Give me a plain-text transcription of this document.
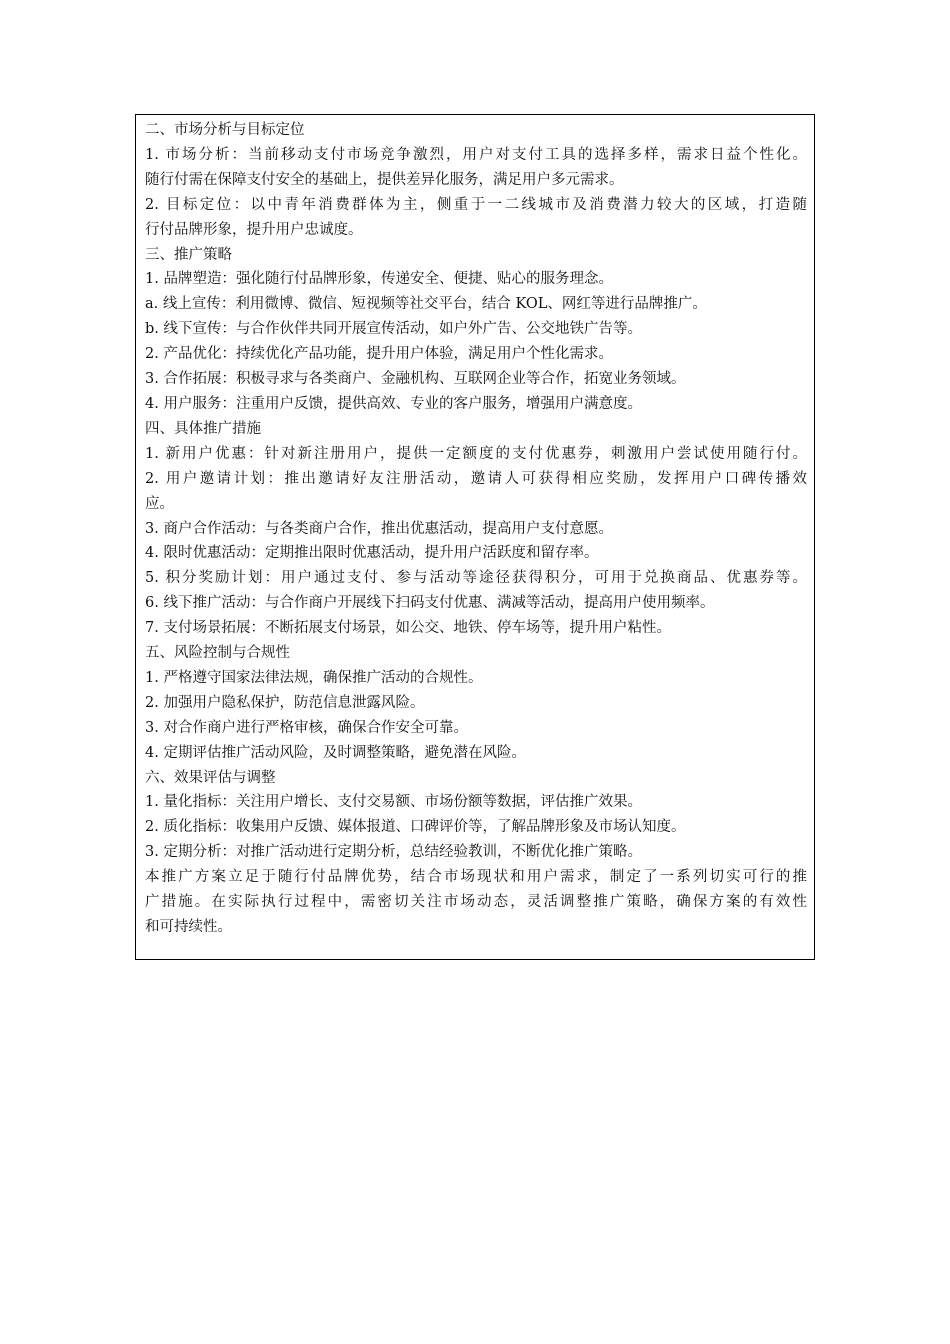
二、市场分析与目标定位

1. 市场分析：当前移动支付市场竞争激烈，用户对支付工具的选择多样，需求日益个性化。

随行付需在保障支付安全的基础上，提供差异化服务，满足用户多元需求。

2. 目标定位：以中青年消费群体为主，侧重于一二线城市及消费潜力较大的区域，打造随

行付品牌形象，提升用户忠诚度。

三、推广策略

1. 品牌塑造：强化随行付品牌形象，传递安全、便捷、贴心的服务理念。

a. 线上宣传：利用微博、微信、短视频等社交平台，结合 KOL、网红等进行品牌推广。

b. 线下宣传：与合作伙伴共同开展宣传活动，如户外广告、公交地铁广告等。

2. 产品优化：持续优化产品功能，提升用户体验，满足用户个性化需求。

3. 合作拓展：积极寻求与各类商户、金融机构、互联网企业等合作，拓宽业务领域。

4. 用户服务：注重用户反馈，提供高效、专业的客户服务，增强用户满意度。

四、具体推广措施

1. 新用户优惠：针对新注册用户，提供一定额度的支付优惠券，刺激用户尝试使用随行付。

2. 用户邀请计划：推出邀请好友注册活动，邀请人可获得相应奖励，发挥用户口碑传播效

应。

3. 商户合作活动：与各类商户合作，推出优惠活动，提高用户支付意愿。

4. 限时优惠活动：定期推出限时优惠活动，提升用户活跃度和留存率。

5. 积分奖励计划：用户通过支付、参与活动等途径获得积分，可用于兑换商品、优惠券等。

6. 线下推广活动：与合作商户开展线下扫码支付优惠、满减等活动，提高用户使用频率。

7. 支付场景拓展：不断拓展支付场景，如公交、地铁、停车场等，提升用户粘性。

五、风险控制与合规性

1. 严格遵守国家法律法规，确保推广活动的合规性。

2. 加强用户隐私保护，防范信息泄露风险。

3. 对合作商户进行严格审核，确保合作安全可靠。

4. 定期评估推广活动风险，及时调整策略，避免潜在风险。

六、效果评估与调整

1. 量化指标：关注用户增长、支付交易额、市场份额等数据，评估推广效果。

2. 质化指标：收集用户反馈、媒体报道、口碑评价等，了解品牌形象及市场认知度。

3. 定期分析：对推广活动进行定期分析，总结经验教训，不断优化推广策略。

本推广方案立足于随行付品牌优势，结合市场现状和用户需求，制定了一系列切实可行的推

广措施。在实际执行过程中，需密切关注市场动态，灵活调整推广策略，确保方案的有效性

和可持续性。
